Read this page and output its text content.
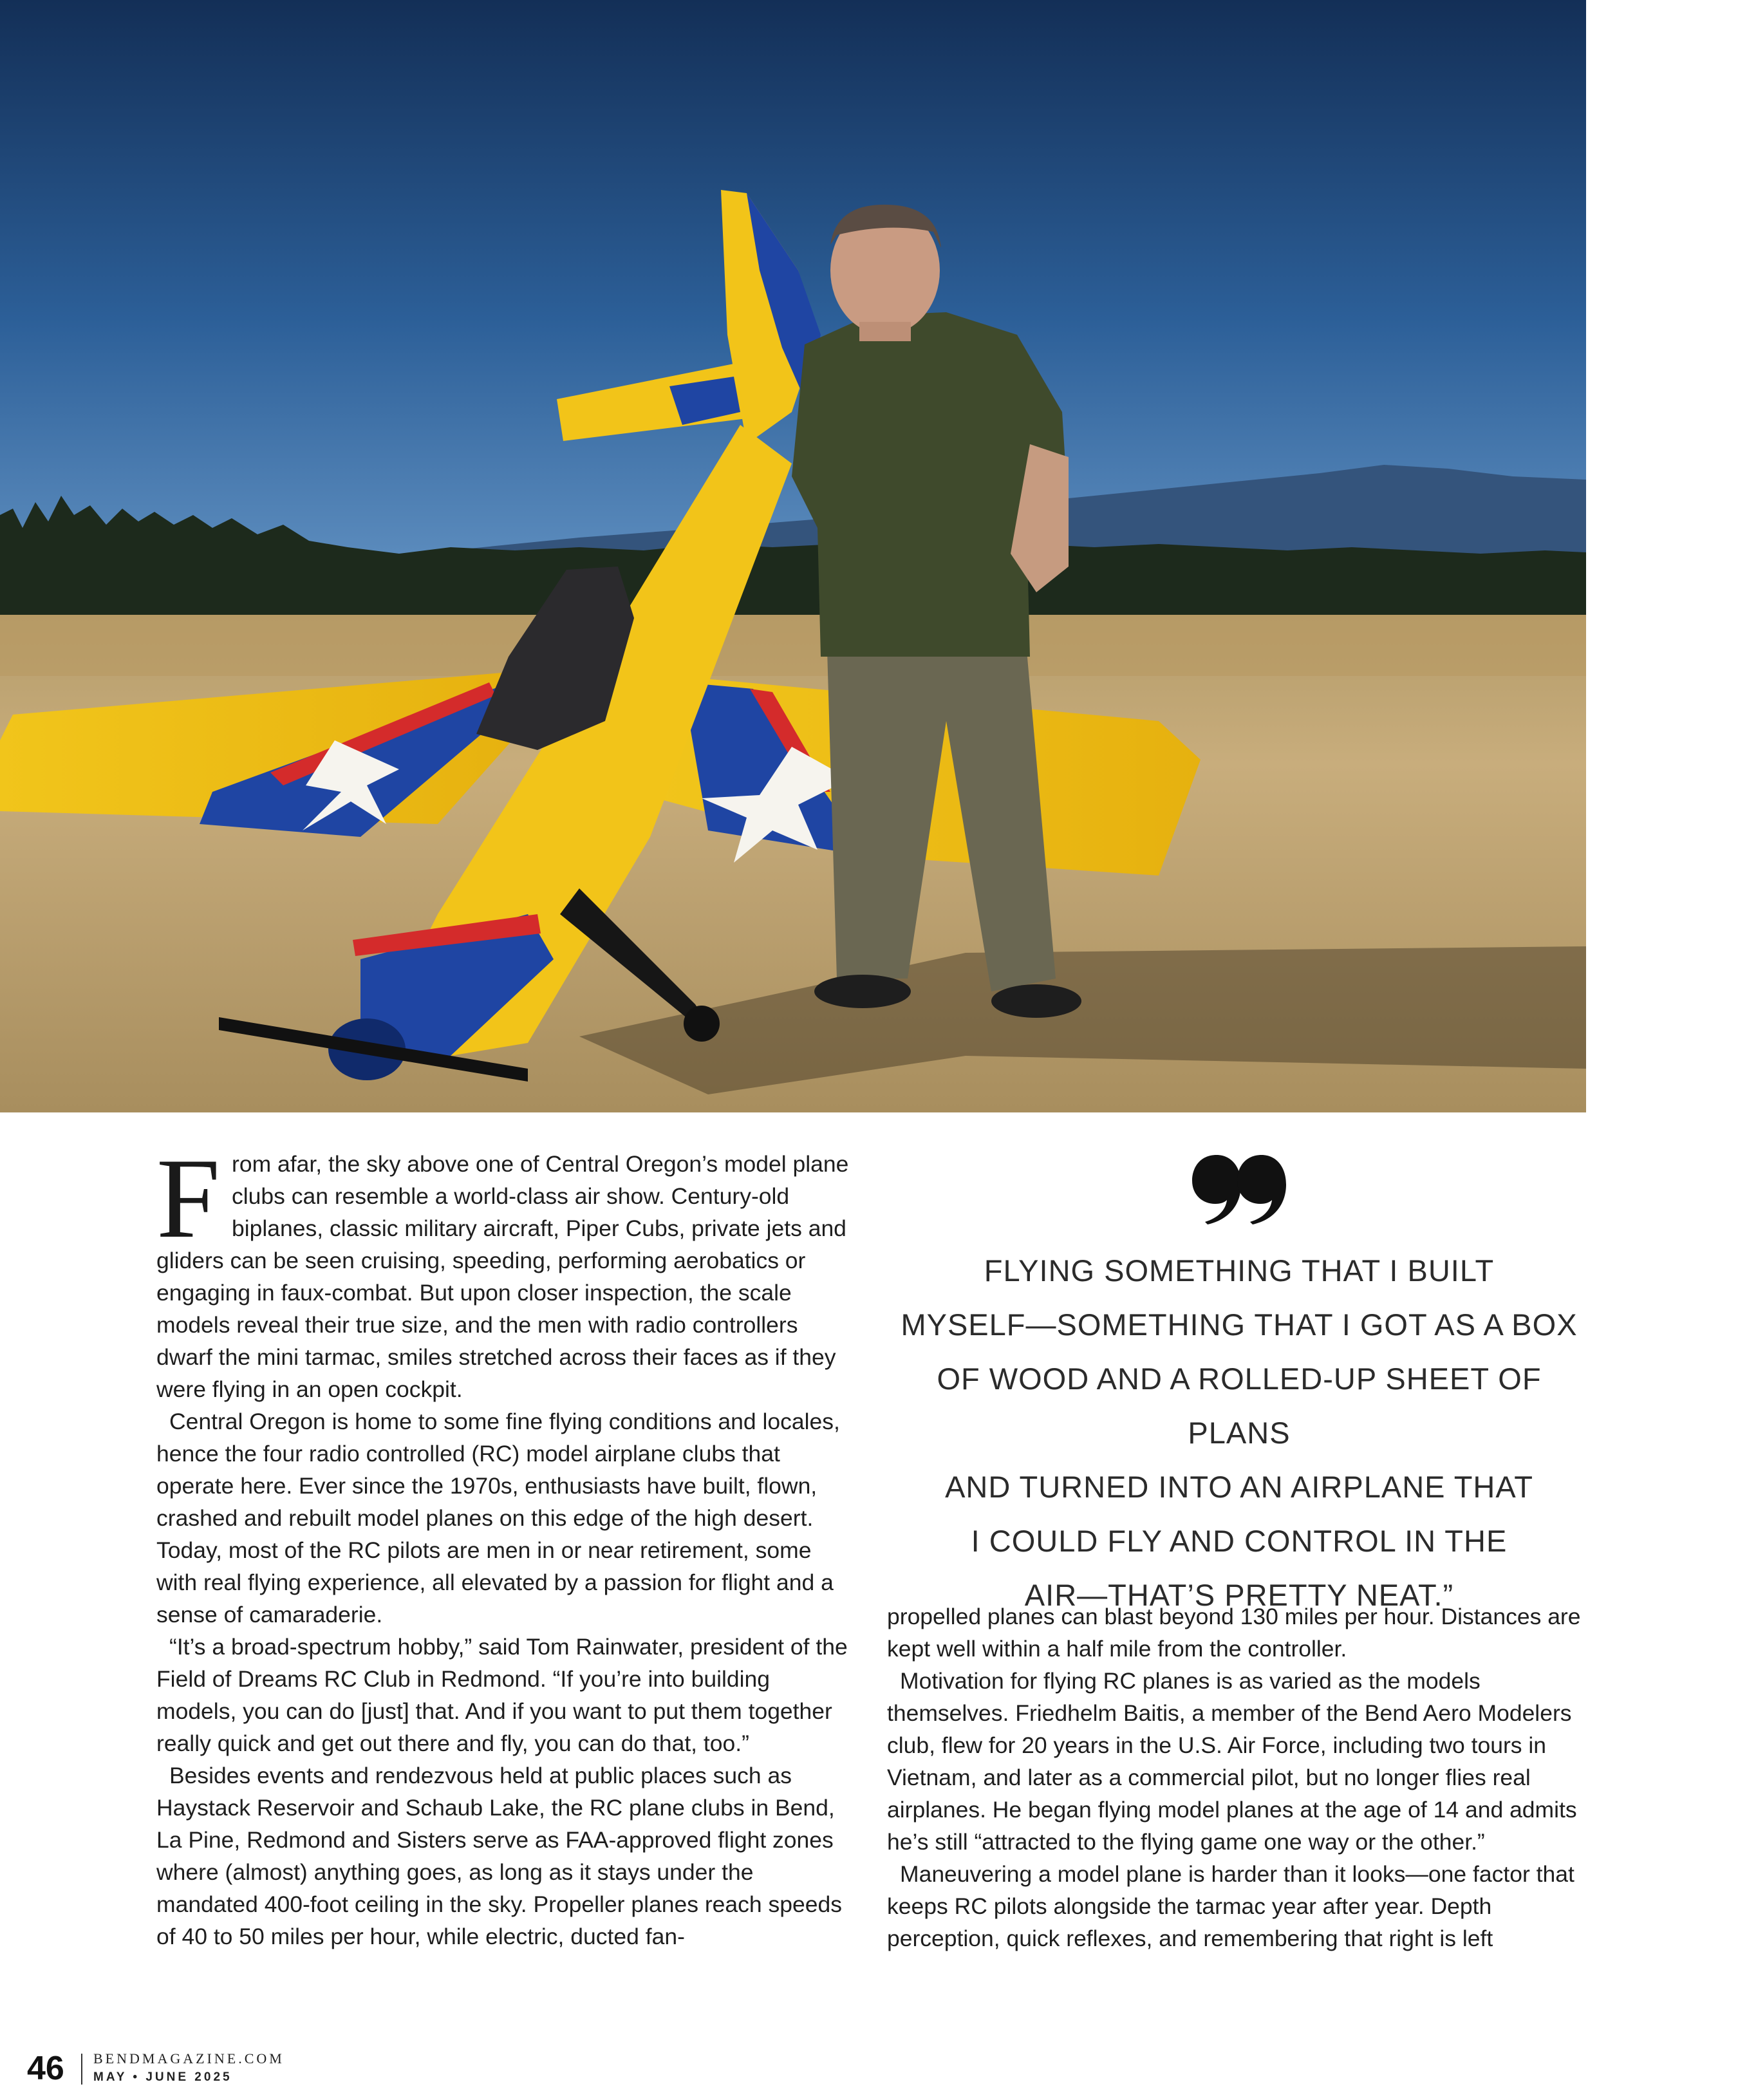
From afar, the sky above one of Central Oregon’s model plane clubs can resemble a world-class air show. Century-old biplanes, classic military aircraft, Piper Cubs, private jets and gliders can be seen cruising, speeding, performing aerobatics or engaging in faux-combat. But upon closer inspection, the scale models reveal their true size, and the men with radio controllers dwarf the mini tarmac, smiles stretched across their faces as if they were flying in an open cockpit.

Central Oregon is home to some fine flying conditions and locales, hence the four radio controlled (RC) model airplane clubs that operate here. Ever since the 1970s, enthusiasts have built, flown, crashed and rebuilt model planes on this edge of the high desert. Today, most of the RC pilots are men in or near retirement, some with real flying experience, all elevated by a passion for flight and a sense of camaraderie.

“It’s a broad-spectrum hobby,” said Tom Rainwater, president of the Field of Dreams RC Club in Redmond. “If you’re into building models, you can do [just] that. And if you want to put them together really quick and get out there and fly, you can do that, too.”

Besides events and rendezvous held at public places such as Haystack Reservoir and Schaub Lake, the RC plane clubs in Bend, La Pine, Redmond and Sisters serve as FAA-approved flight zones where (almost) anything goes, as long as it stays under the mandated 400-foot ceiling in the sky. Propeller planes reach speeds of 40 to 50 miles per hour, while electric, ducted fan-

FLYING SOMETHING THAT I BUILT
MYSELF—SOMETHING THAT I GOT AS A BOX
OF WOOD AND A ROLLED-UP SHEET OF PLANS
AND TURNED INTO AN AIRPLANE THAT
I COULD FLY AND CONTROL IN THE
AIR—THAT’S PRETTY NEAT.”

propelled planes can blast beyond 130 miles per hour. Distances are kept well within a half mile from the controller.

Motivation for flying RC planes is as varied as the models themselves. Friedhelm Baitis, a member of the Bend Aero Modelers club, flew for 20 years in the U.S. Air Force, including two tours in Vietnam, and later as a commercial pilot, but no longer flies real airplanes. He began flying model planes at the age of 14 and admits he’s still “attracted to the flying game one way or the other.”

Maneuvering a model plane is harder than it looks—one factor that keeps RC pilots alongside the tarmac year after year. Depth perception, quick reflexes, and remembering that right is left

46 BENDMAGAZINE.COM
MAY • JUNE 2025
